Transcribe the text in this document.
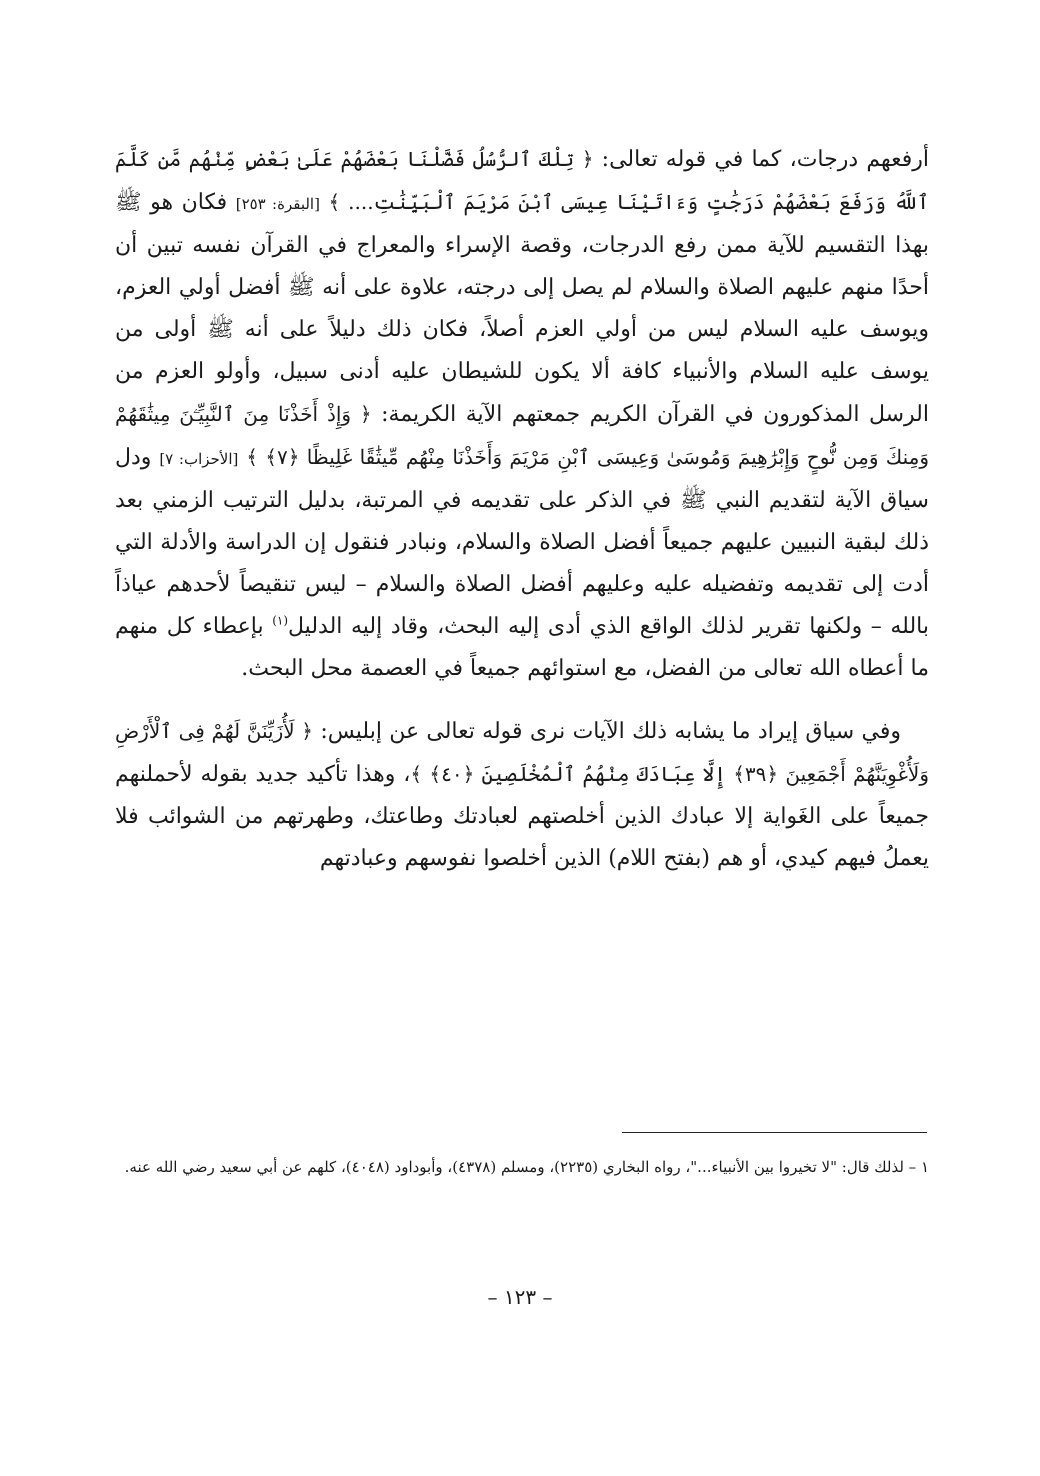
أرفعهم درجات، كما في قوله تعالى: ﴿ تِلْكَ ٱلرُّسُلُ فَضَّلْنَا بَعْضَهُمْ عَلَىٰ بَعْضٍ مِّنْهُم مَّن كَلَّمَ ٱللَّهُ وَرَفَعَ بَعْضَهُمْ دَرَجَٰتٍ وَءَاتَيْنَا عِيسَى ٱبْنَ مَرْيَمَ ٱلْبَيِّنَٰتِ.... ﴾ [البقرة: ٢٥٣] فكان هو ﷺ بهذا التقسيم للآية ممن رفع الدرجات، وقصة الإسراء والمعراج في القرآن نفسه تبين أن أحدًا منهم عليهم الصلاة والسلام لم يصل إلى درجته، علاوة على أنه ﷺ أفضل أولي العزم، ويوسف عليه السلام ليس من أولي العزم أصلاً، فكان ذلك دليلاً على أنه ﷺ أولى من يوسف عليه السلام والأنبياء كافة ألا يكون للشيطان عليه أدنى سبيل، وأولو العزم من الرسل المذكورون في القرآن الكريم جمعتهم الآية الكريمة: ﴿ وَإِذْ أَخَذْنَا مِنَ ٱلنَّبِيِّـۧنَ مِيثَٰقَهُمْ وَمِنكَ وَمِن نُّوحٍ وَإِبْرَٰهِيمَ وَمُوسَىٰ وَعِيسَى ٱبْنِ مَرْيَمَ وَأَخَذْنَا مِنْهُم مِّيثَٰقًا غَلِيظًا ﴿٧﴾ ﴾ [الأحزاب: ٧] ودل سياق الآية لتقديم النبي ﷺ في الذكر على تقديمه في المرتبة، بدليل الترتيب الزمني بعد ذلك لبقية النبيين عليهم جميعاً أفضل الصلاة والسلام، ونبادر فنقول إن الدراسة والأدلة التي أدت إلى تقديمه وتفضيله عليه وعليهم أفضل الصلاة والسلام – ليس تنقيصاً لأحدهم عياذاً بالله – ولكنها تقرير لذلك الواقع الذي أدى إليه البحث، وقاد إليه الدليل$^{(١)}$ بإعطاء كل منهم ما أعطاه الله تعالى من الفضل، مع استوائهم جميعاً في العصمة محل البحث.

وفي سياق إيراد ما يشابه ذلك الآيات نرى قوله تعالى عن إبليس: ﴿ لَأُزَيِّنَنَّ لَهُمْ فِى ٱلْأَرْضِ وَلَأُغْوِيَنَّهُمْ أَجْمَعِينَ ﴿٣٩﴾ إِلَّا عِبَادَكَ مِنْهُمُ ٱلْمُخْلَصِينَ ﴿٤٠﴾ ﴾، وهذا تأكيد جديد بقوله لأحملنهم جميعاً على الغَواية إلا عبادك الذين أخلصتهم لعبادتك وطاعتك، وطهرتهم من الشوائب فلا يعملُ فيهم كيدي، أو هم (بفتح اللام) الذين أخلصوا نفوسهم وعبادتهم

١ – لذلك قال: "لا تخيروا بين الأنبياء..."، رواه البخاري (٢٢٣٥)، ومسلم (٤٣٧٨)، وأبوداود (٤٠٤٨)، كلهم عن أبي سعيد رضي الله عنه.
– ١٢٣ –
